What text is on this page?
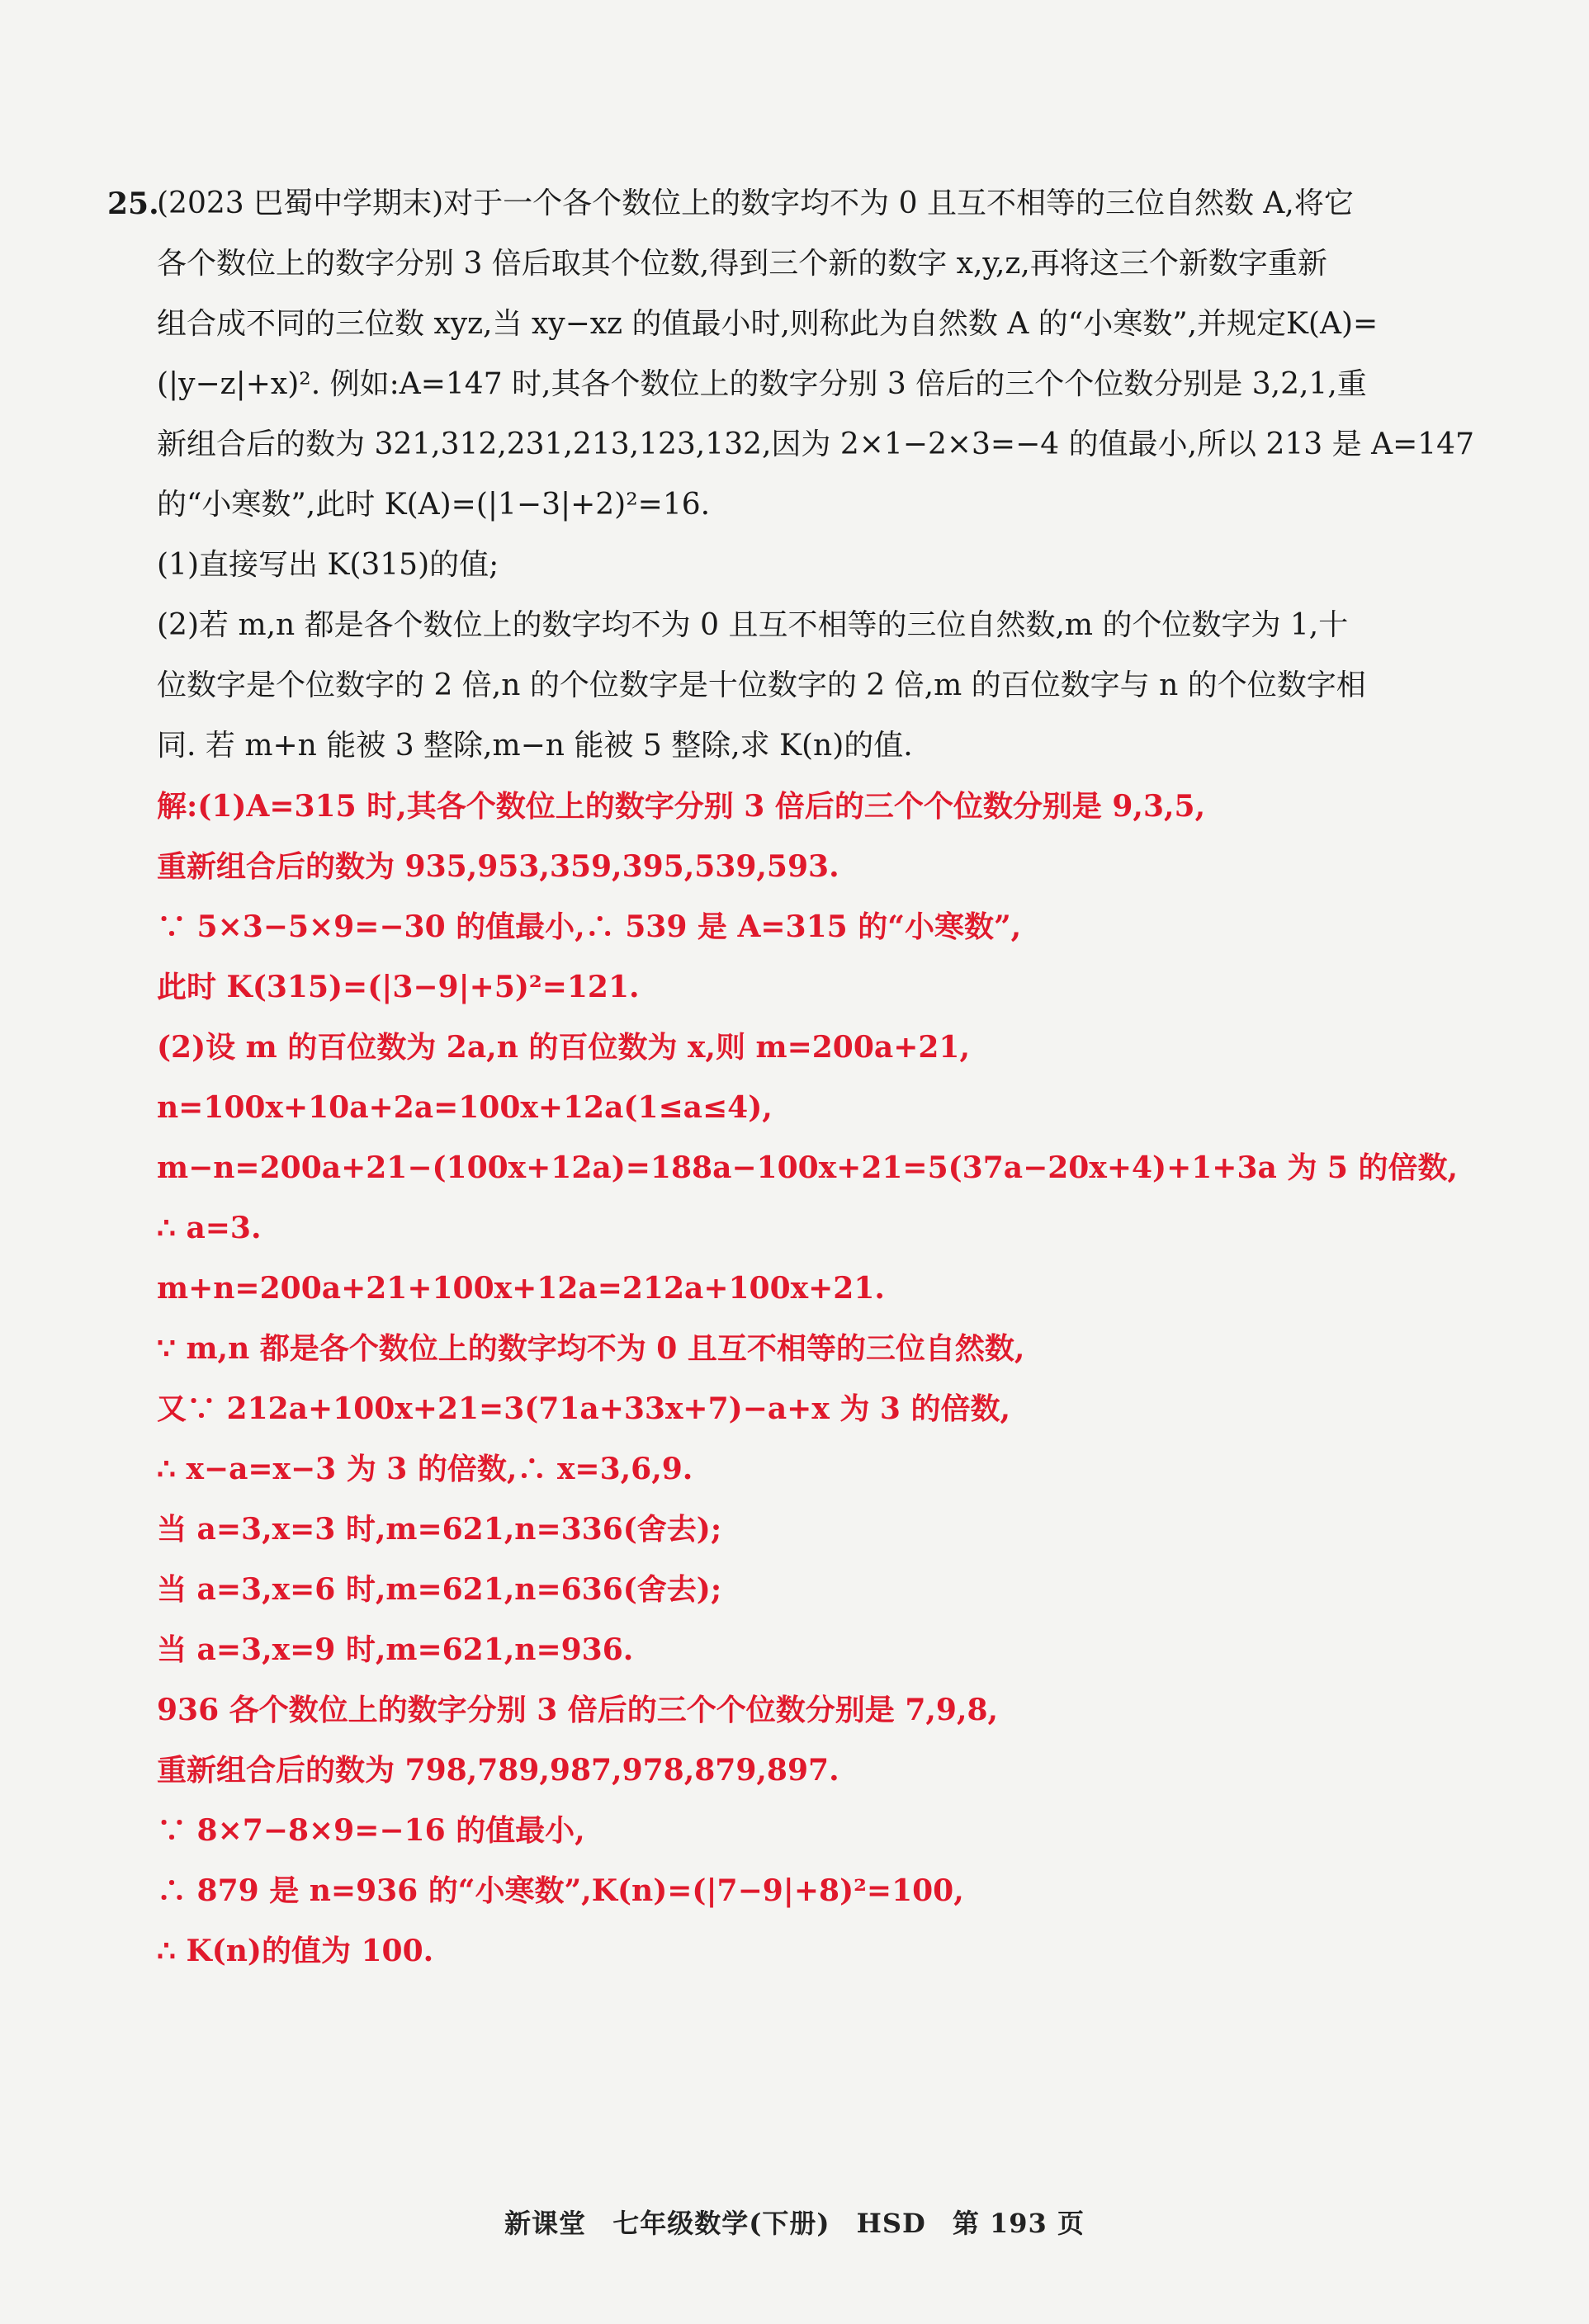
25.
(2023 巴蜀中学期末)对于一个各个数位上的数字均不为 0 且互不相等的三位自然数 A,将它
各个数位上的数字分别 3 倍后取其个位数,得到三个新的数字 x,y,z,再将这三个新数字重新
组合成不同的三位数 xyz,当 xy−xz 的值最小时,则称此为自然数 A 的“小寒数”,并规定K(A)=
(|y−z|+x)². 例如:A=147 时,其各个数位上的数字分别 3 倍后的三个个位数分别是 3,2,1,重
新组合后的数为 321,312,231,213,123,132,因为 2×1−2×3=−4 的值最小,所以 213 是 A=147
的“小寒数”,此时 K(A)=(|1−3|+2)²=16.
(1)直接写出 K(315)的值;
(2)若 m,n 都是各个数位上的数字均不为 0 且互不相等的三位自然数,m 的个位数字为 1,十
位数字是个位数字的 2 倍,n 的个位数字是十位数字的 2 倍,m 的百位数字与 n 的个位数字相
同. 若 m+n 能被 3 整除,m−n 能被 5 整除,求 K(n)的值.
解:(1)A=315 时,其各个数位上的数字分别 3 倍后的三个个位数分别是 9,3,5,
重新组合后的数为 935,953,359,395,539,593.
∵ 5×3−5×9=−30 的值最小,∴ 539 是 A=315 的“小寒数”,
此时 K(315)=(|3−9|+5)²=121.
(2)设 m 的百位数为 2a,n 的百位数为 x,则 m=200a+21,
n=100x+10a+2a=100x+12a(1≤a≤4),
m−n=200a+21−(100x+12a)=188a−100x+21=5(37a−20x+4)+1+3a 为 5 的倍数,
∴ a=3.
m+n=200a+21+100x+12a=212a+100x+21.
∵ m,n 都是各个数位上的数字均不为 0 且互不相等的三位自然数,
又∵ 212a+100x+21=3(71a+33x+7)−a+x 为 3 的倍数,
∴ x−a=x−3 为 3 的倍数,∴ x=3,6,9.
当 a=3,x=3 时,m=621,n=336(舍去);
当 a=3,x=6 时,m=621,n=636(舍去);
当 a=3,x=9 时,m=621,n=936.
936 各个数位上的数字分别 3 倍后的三个个位数分别是 7,9,8,
重新组合后的数为 798,789,987,978,879,897.
∵ 8×7−8×9=−16 的值最小,
∴ 879 是 n=936 的“小寒数”,K(n)=(|7−9|+8)²=100,
∴ K(n)的值为 100.
新课堂 七年级数学(下册) HSD 第 193 页
